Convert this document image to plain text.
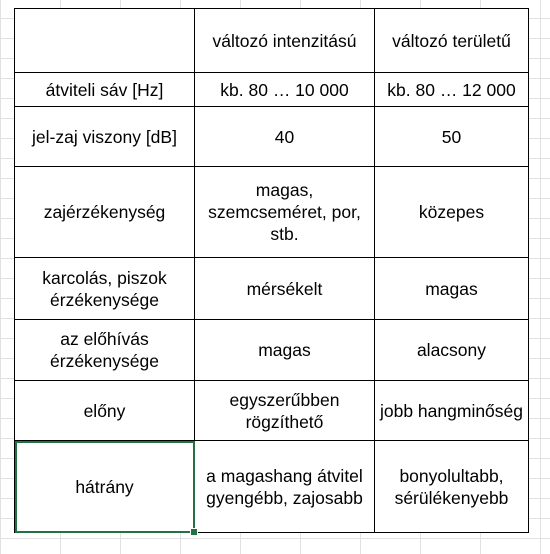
	változó intenzitású	változó területű
átviteli sáv [Hz]	kb. 80 … 10 000	kb. 80 … 12 000
jel-zaj viszony [dB]	40	50
zajérzékenység	magas, szemcseméret, por, stb.	közepes
karcolás, piszok érzékenysége	mérsékelt	magas
az előhívás érzékenysége	magas	alacsony
előny	egyszerűbben rögzíthető	jobb hangminőség
hátrány	a magashang átvitel gyengébb, zajosabb	bonyolultabb, sérülékenyebb
